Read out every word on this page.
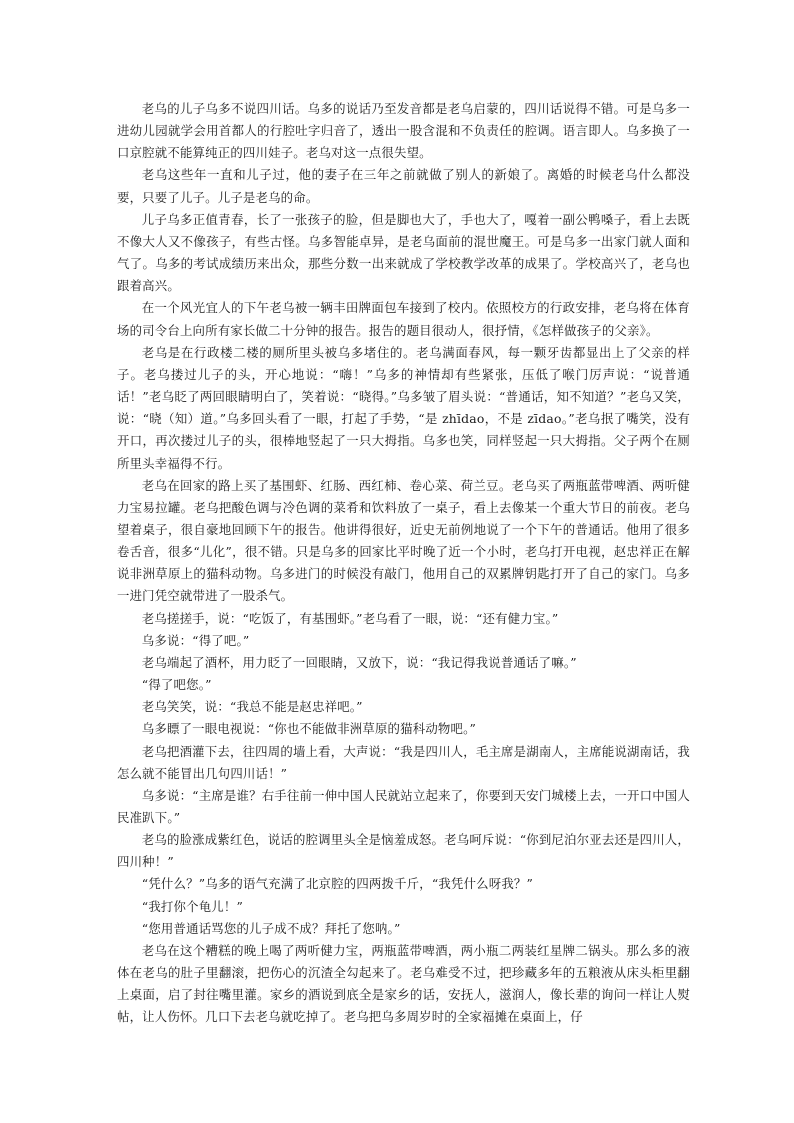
老乌的儿子乌多不说四川话。乌多的说话乃至发音都是老乌启蒙的，四川话说得不错。可是乌多一进幼儿园就学会用首都人的行腔吐字归音了，透出一股含混和不负责任的腔调。语言即人。乌多换了一口京腔就不能算纯正的四川娃子。老乌对这一点很失望。

老乌这些年一直和儿子过，他的妻子在三年之前就做了别人的新娘了。离婚的时候老乌什么都没要，只要了儿子。儿子是老乌的命。

儿子乌多正值青春，长了一张孩子的脸，但是脚也大了，手也大了，嘎着一副公鸭嗓子，看上去既不像大人又不像孩子，有些古怪。乌多智能卓异，是老乌面前的混世魔王。可是乌多一出家门就人面和气了。乌多的考试成绩历来出众，那些分数一出来就成了学校教学改革的成果了。学校高兴了，老乌也跟着高兴。

在一个风光宜人的下午老乌被一辆丰田牌面包车接到了校内。依照校方的行政安排，老乌将在体育场的司令台上向所有家长做二十分钟的报告。报告的题目很动人，很抒情，《怎样做孩子的父亲》。

老乌是在行政楼二楼的厕所里头被乌多堵住的。老乌满面春风，每一颗牙齿都显出上了父亲的样子。老乌搂过儿子的头，开心地说：“嗨！”乌多的神情却有些紧张，压低了喉门厉声说：“说普通话！”老乌眨了两回眼睛明白了，笑着说：“晓得。”乌多皱了眉头说：“普通话，知不知道？”老乌又笑，说：“晓（知）道。”乌多回头看了一眼，打起了手势，“是 zhīdao，不是 zīdao。”老乌抿了嘴笑，没有开口，再次搂过儿子的头，很棒地竖起了一只大拇指。乌多也笑，同样竖起一只大拇指。父子两个在厕所里头幸福得不行。

老乌在回家的路上买了基围虾、红肠、西红柿、卷心菜、荷兰豆。老乌买了两瓶蓝带啤酒、两听健力宝易拉罐。老乌把酸色调与冷色调的菜肴和饮料放了一桌子，看上去像某一个重大节日的前夜。老乌望着桌子，很自豪地回顾下午的报告。他讲得很好，近史无前例地说了一个下午的普通话。他用了很多卷舌音，很多“儿化”，很不错。只是乌多的回家比平时晚了近一个小时，老乌打开电视，赵忠祥正在解说非洲草原上的猫科动物。乌多进门的时候没有敲门，他用自己的双累牌钥匙打开了自己的家门。乌多一进门凭空就带进了一股杀气。

老乌搓搓手，说：“吃饭了，有基围虾。”老乌看了一眼，说：“还有健力宝。”

乌多说：“得了吧。”

老乌端起了酒杯，用力眨了一回眼睛，又放下，说：“我记得我说普通话了嘛。”

“得了吧您。”

老乌笑笑，说：“我总不能是赵忠祥吧。”

乌多瞟了一眼电视说：“你也不能做非洲草原的猫科动物吧。”

老乌把酒灌下去，往四周的墙上看，大声说：“我是四川人，毛主席是湖南人，主席能说湖南话，我怎么就不能冒出几句四川话！”

乌多说：“主席是谁？右手往前一伸中国人民就站立起来了，你要到天安门城楼上去，一开口中国人民准趴下。”

老乌的脸涨成紫红色，说话的腔调里头全是恼羞成怒。老乌呵斥说：“你到尼泊尔亚去还是四川人，四川种！”

“凭什么？”乌多的语气充满了北京腔的四两拨千斤，“我凭什么呀我？”

“我打你个龟儿！”

“您用普通话骂您的儿子成不成？拜托了您呐。”

老乌在这个糟糕的晚上喝了两听健力宝，两瓶蓝带啤酒，两小瓶二两装红星牌二锅头。那么多的液体在老乌的肚子里翻滚，把伤心的沉渣全勾起来了。老乌难受不过，把珍藏多年的五粮液从床头柜里翻上桌面，启了封往嘴里灌。家乡的酒说到底全是家乡的话，安抚人，滋润人，像长辈的询问一样让人熨帖，让人伤怀。几口下去老乌就吃掉了。老乌把乌多周岁时的全家福摊在桌面上，仔
